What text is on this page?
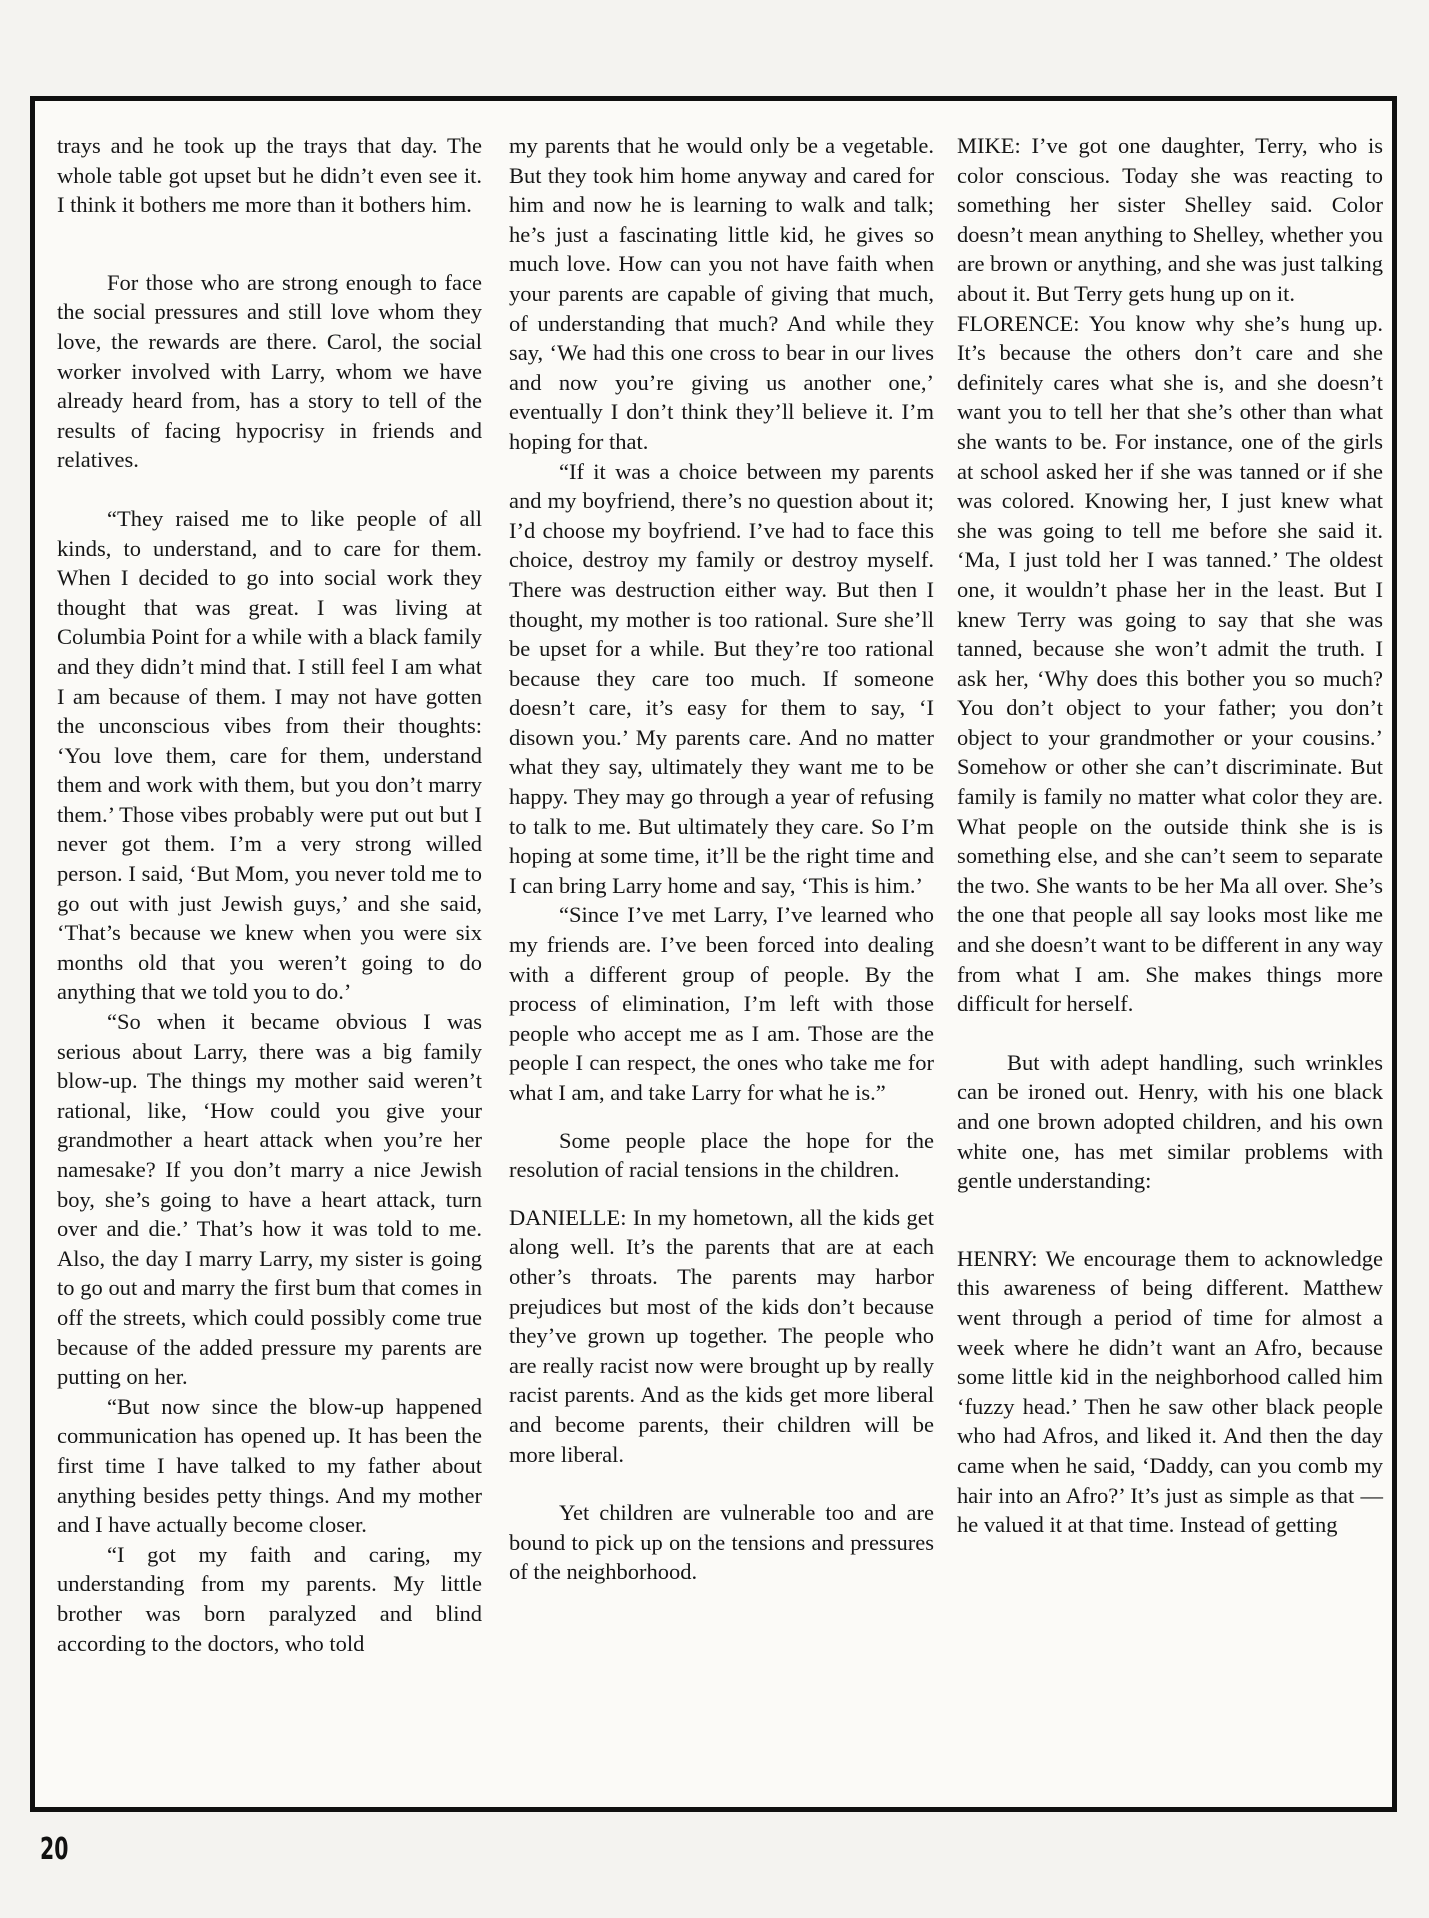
trays and he took up the trays that day. The whole table got upset but he didn’t even see it. I think it bothers me more than it bothers him.

For those who are strong enough to face the social pressures and still love whom they love, the rewards are there. Carol, the social worker involved with Larry, whom we have already heard from, has a story to tell of the results of facing hypocrisy in friends and relatives.

“They raised me to like people of all kinds, to understand, and to care for them. When I decided to go into social work they thought that was great. I was living at Columbia Point for a while with a black family and they didn’t mind that. I still feel I am what I am because of them. I may not have gotten the unconscious vibes from their thoughts: ‘You love them, care for them, understand them and work with them, but you don’t marry them.’ Those vibes probably were put out but I never got them. I’m a very strong willed person. I said, ‘But Mom, you never told me to go out with just Jewish guys,’ and she said, ‘That’s because we knew when you were six months old that you weren’t going to do anything that we told you to do.’

“So when it became obvious I was serious about Larry, there was a big family blow-up. The things my mother said weren’t rational, like, ‘How could you give your grandmother a heart attack when you’re her namesake? If you don’t marry a nice Jewish boy, she’s going to have a heart attack, turn over and die.’ That’s how it was told to me. Also, the day I marry Larry, my sister is going to go out and marry the first bum that comes in off the streets, which could possibly come true because of the added pressure my parents are putting on her.

“But now since the blow-up happened communication has opened up. It has been the first time I have talked to my father about anything besides petty things. And my mother and I have actually become closer.

“I got my faith and caring, my understanding from my parents. My little brother was born paralyzed and blind according to the doctors, who told

my parents that he would only be a vegetable. But they took him home anyway and cared for him and now he is learning to walk and talk; he’s just a fascinating little kid, he gives so much love. How can you not have faith when your parents are capable of giving that much, of understanding that much? And while they say, ‘We had this one cross to bear in our lives and now you’re giving us another one,’ eventually I don’t think they’ll believe it. I’m hoping for that.

“If it was a choice between my parents and my boyfriend, there’s no question about it; I’d choose my boyfriend. I’ve had to face this choice, destroy my family or destroy myself. There was destruction either way. But then I thought, my mother is too rational. Sure she’ll be upset for a while. But they’re too rational because they care too much. If someone doesn’t care, it’s easy for them to say, ‘I disown you.’ My parents care. And no matter what they say, ultimately they want me to be happy. They may go through a year of refusing to talk to me. But ultimately they care. So I’m hoping at some time, it’ll be the right time and I can bring Larry home and say, ‘This is him.’

“Since I’ve met Larry, I’ve learned who my friends are. I’ve been forced into dealing with a different group of people. By the process of elimination, I’m left with those people who accept me as I am. Those are the people I can respect, the ones who take me for what I am, and take Larry for what he is.”

Some people place the hope for the resolution of racial tensions in the children.

DANIELLE: In my hometown, all the kids get along well. It’s the parents that are at each other’s throats. The parents may harbor prejudices but most of the kids don’t because they’ve grown up together. The people who are really racist now were brought up by really racist parents. And as the kids get more liberal and become parents, their children will be more liberal.

Yet children are vulnerable too and are bound to pick up on the tensions and pressures of the neighborhood.

MIKE: I’ve got one daughter, Terry, who is color conscious. Today she was reacting to something her sister Shelley said. Color doesn’t mean anything to Shelley, whether you are brown or anything, and she was just talking about it. But Terry gets hung up on it.

FLORENCE: You know why she’s hung up. It’s because the others don’t care and she definitely cares what she is, and she doesn’t want you to tell her that she’s other than what she wants to be. For instance, one of the girls at school asked her if she was tanned or if she was colored. Knowing her, I just knew what she was going to tell me before she said it. ‘Ma, I just told her I was tanned.’ The oldest one, it wouldn’t phase her in the least. But I knew Terry was going to say that she was tanned, because she won’t admit the truth. I ask her, ‘Why does this bother you so much? You don’t object to your father; you don’t object to your grandmother or your cousins.’ Somehow or other she can’t discriminate. But family is family no matter what color they are. What people on the outside think she is is something else, and she can’t seem to separate the two. She wants to be her Ma all over. She’s the one that people all say looks most like me and she doesn’t want to be different in any way from what I am. She makes things more difficult for herself.

But with adept handling, such wrinkles can be ironed out. Henry, with his one black and one brown adopted children, and his own white one, has met similar problems with gentle understanding:

HENRY: We encourage them to acknowledge this awareness of being different. Matthew went through a period of time for almost a week where he didn’t want an Afro, because some little kid in the neighborhood called him ‘fuzzy head.’ Then he saw other black people who had Afros, and liked it. And then the day came when he said, ‘Daddy, can you comb my hair into an Afro?’ It’s just as simple as that — he valued it at that time. Instead of getting

20
